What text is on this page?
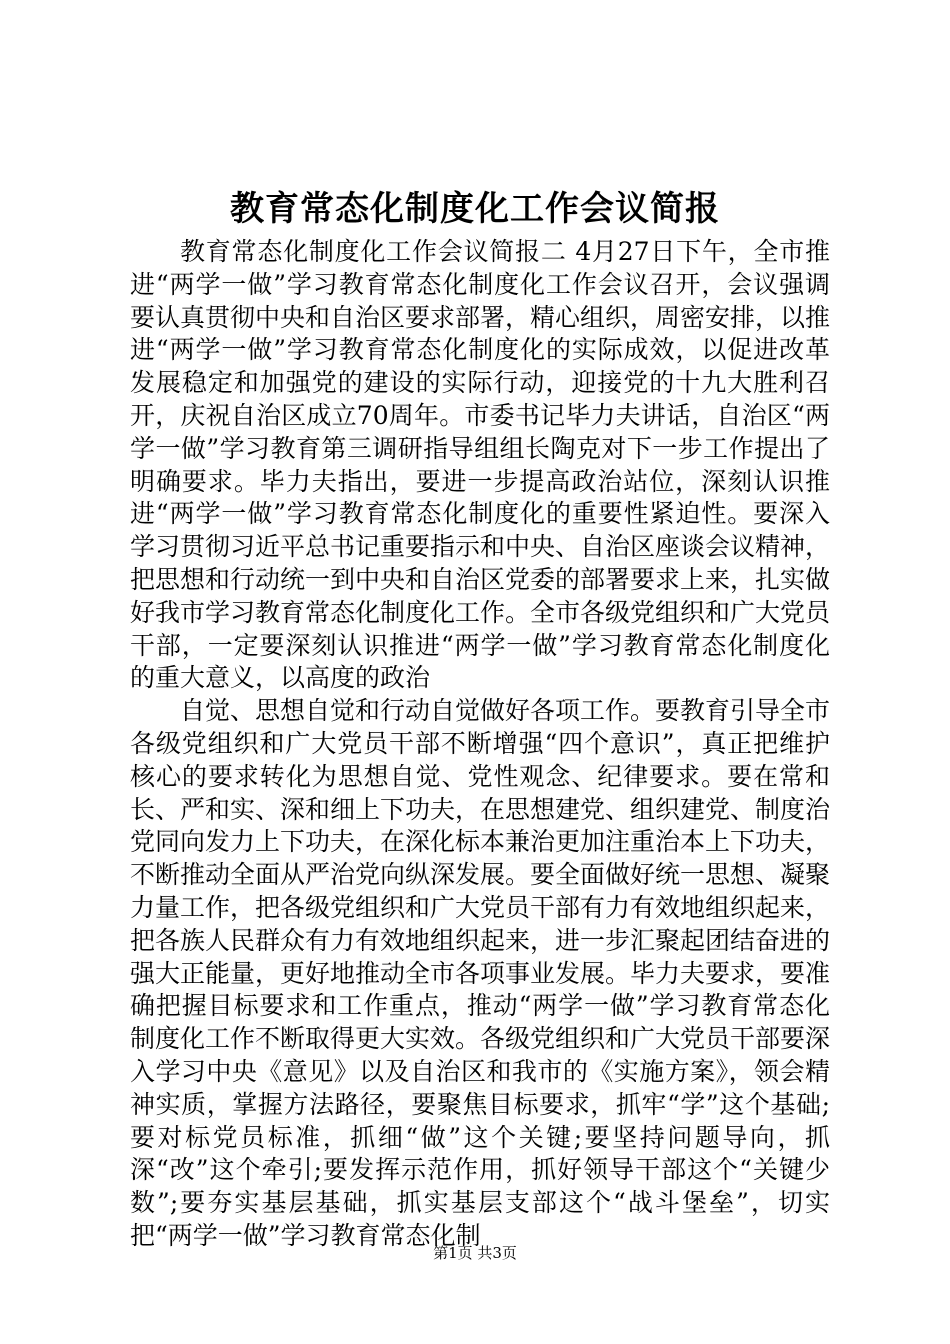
教育常态化制度化工作会议简报

教育常态化制度化工作会议简报二 4月27日下午，全市推进“两学一做”学习教育常态化制度化工作会议召开，会议强调要认真贯彻中央和自治区要求部署，精心组织，周密安排，以推进“两学一做”学习教育常态化制度化的实际成效，以促进改革发展稳定和加强党的建设的实际行动，迎接党的十九大胜利召开，庆祝自治区成立70周年。市委书记毕力夫讲话，自治区“两学一做”学习教育第三调研指导组组长陶克对下一步工作提出了明确要求。毕力夫指出，要进一步提高政治站位，深刻认识推进“两学一做”学习教育常态化制度化的重要性紧迫性。要深入学习贯彻习近平总书记重要指示和中央、自治区座谈会议精神，把思想和行动统一到中央和自治区党委的部署要求上来，扎实做好我市学习教育常态化制度化工作。全市各级党组织和广大党员干部，一定要深刻认识推进“两学一做”学习教育常态化制度化的重大意义，以高度的政治

自觉、思想自觉和行动自觉做好各项工作。要教育引导全市各级党组织和广大党员干部不断增强“四个意识”，真正把维护核心的要求转化为思想自觉、党性观念、纪律要求。要在常和长、严和实、深和细上下功夫，在思想建党、组织建党、制度治党同向发力上下功夫，在深化标本兼治更加注重治本上下功夫，不断推动全面从严治党向纵深发展。要全面做好统一思想、凝聚力量工作，把各级党组织和广大党员干部有力有效地组织起来，把各族人民群众有力有效地组织起来，进一步汇聚起团结奋进的强大正能量，更好地推动全市各项事业发展。毕力夫要求，要准确把握目标要求和工作重点，推动“两学一做”学习教育常态化制度化工作不断取得更大实效。各级党组织和广大党员干部要深入学习中央《意见》以及自治区和我市的《实施方案》，领会精神实质，掌握方法路径，要聚焦目标要求，抓牢“学”这个基础;要对标党员标准，抓细“做”这个关键;要坚持问题导向，抓深“改”这个牵引;要发挥示范作用，抓好领导干部这个“关键少数”;要夯实基层基础，抓实基层支部这个“战斗堡垒”，切实把“两学一做”学习教育常态化制

第1页 共3页
